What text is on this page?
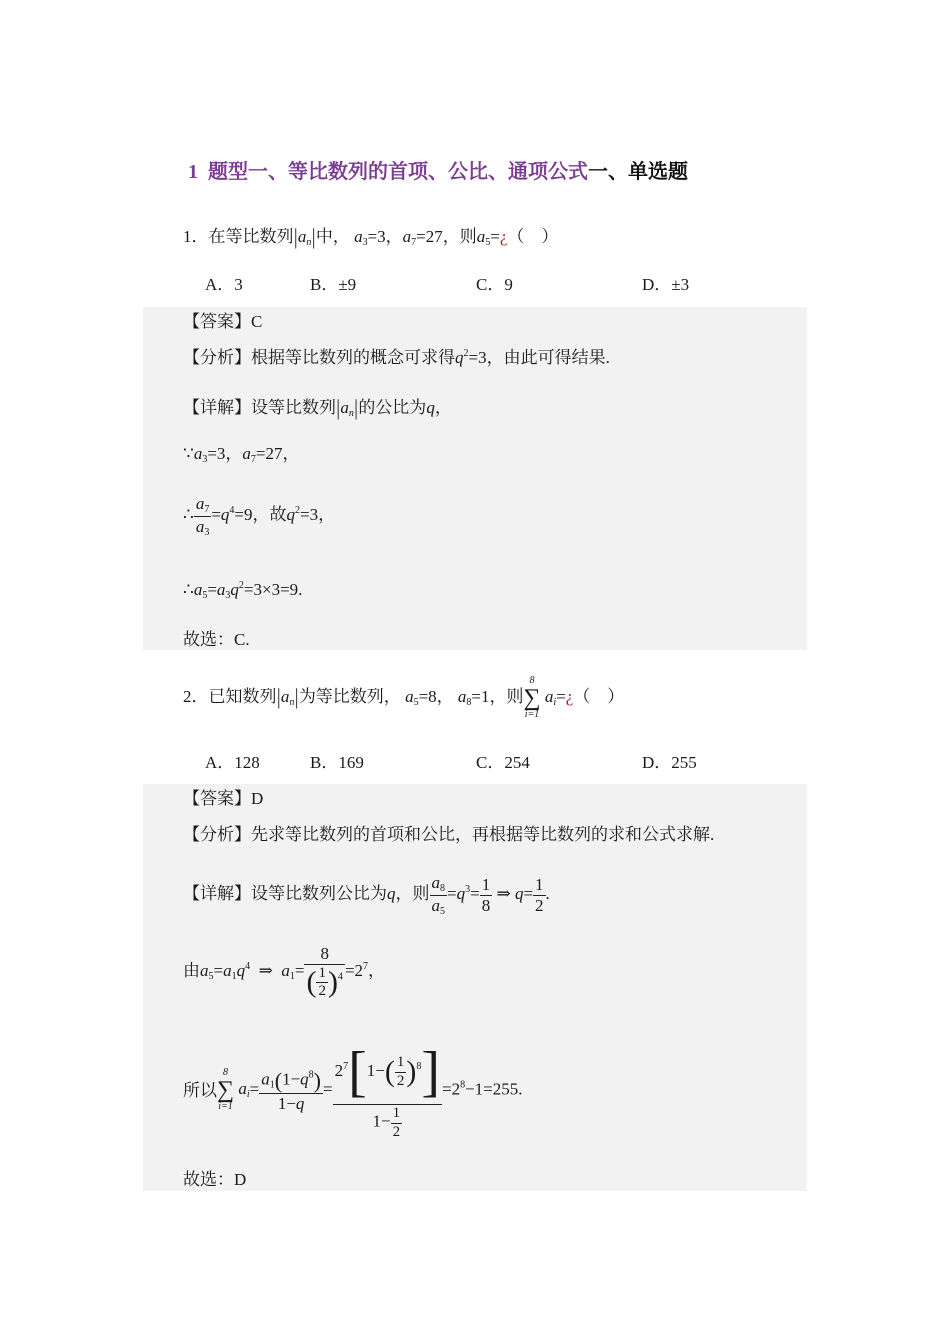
1 题型一、等比数列的首项、公比、通项公式一、单选题
1．在等比数列$|a_n|$中， $a_3=3$，$a_7=27$，则$a_5=¿$（　）
A．3	B．±9	C．9	D．±3
【答案】C
【分析】根据等比数列的概念可求得$q^2=3$，由此可得结果.
【详解】设等比数列$|a_n|$的公比为q，
$\because a_3=3$，$a_7=27$，
∴ $\frac{a_7}{a_3} =q^4=9$，故$q^2=3$，
$\therefore a_5=a_3q^2=3\times 3=9$.
故选：C.
2．已知数列$|a_n|$为等比数列， $a_5=8$， $a_8=1$，则
8
∑
i=1
$a_i=¿$（　）
A．128	B．169	C．254	D．255
【答案】D
【分析】先求等比数列的首项和公比，再根据等比数列的求和公式求解.
【详解】设等比数列公比为q，则 $\frac{a_8}{a_5} =q^3= \frac{1}{8}$ ⇒ $q= \frac{1}{2}$ .
由$a_5=a_1q^4$ ⇒ $a_1= \frac{8}{( \frac{1}{2} )^4} =2^7$，
所以
8
∑
i=1
$a_i= \frac{a_1(1-q^8)}{1-q} = \frac{2^7[1-( \frac{1}{2} )^8]}{1- \frac{1}{2}} =2^8-1=255$.
故选：D
